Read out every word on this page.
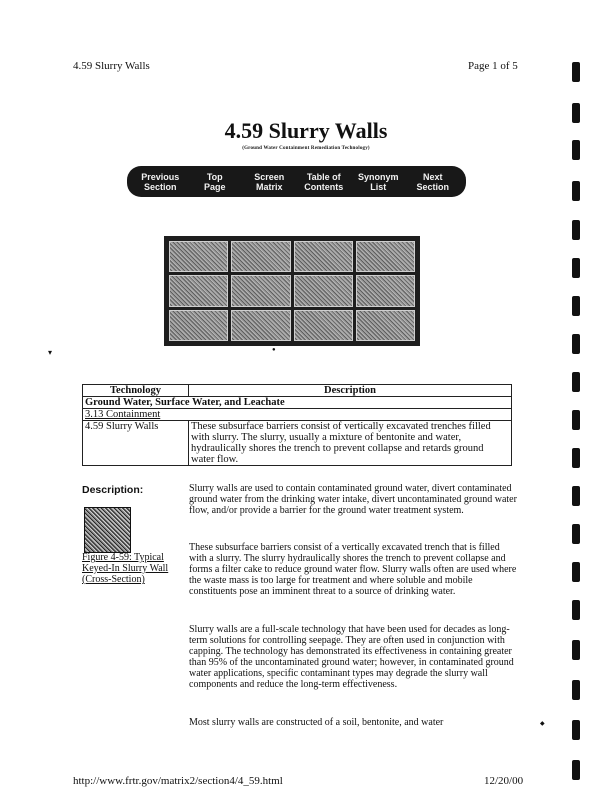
4.59 Slurry Walls	Page 1 of 5
4.59 Slurry Walls
(Ground Water Containment Remediation Technology)
Previous
Section
Top
Page
Screen
Matrix
Table of
Contents
Synonym
List
Next
Section
▾	●
Technology	Description
Ground Water, Surface Water, and Leachate	
3.13 Containment	
4.59 Slurry Walls	These subsurface barriers consist of vertically excavated trenches filled with slurry. The slurry, usually a mixture of bentonite and water, hydraulically shores the trench to prevent collapse and retards ground water flow.
Description:
Figure 4-59: Typical Keyed-In Slurry Wall (Cross-Section)

Slurry walls are used to contain contaminated ground water, divert contaminated ground water from the drinking water intake, divert uncontaminated ground water flow, and/or provide a barrier for the ground water treatment system.

These subsurface barriers consist of a vertically excavated trench that is filled with a slurry. The slurry hydraulically shores the trench to prevent collapse and forms a filter cake to reduce ground water flow. Slurry walls often are used where the waste mass is too large for treatment and where soluble and mobile constituents pose an imminent threat to a source of drinking water.

Slurry walls are a full-scale technology that have been used for decades as long-term solutions for controlling seepage. They are often used in conjunction with capping. The technology has demonstrated its effectiveness in containing greater than 95% of the uncontaminated ground water; however, in contaminated ground water applications, specific contaminant types may degrade the slurry wall components and reduce the long-term effectiveness.

Most slurry walls are constructed of a soil, bentonite, and water	◆
http://www.frtr.gov/matrix2/section4/4_59.html	12/20/00
